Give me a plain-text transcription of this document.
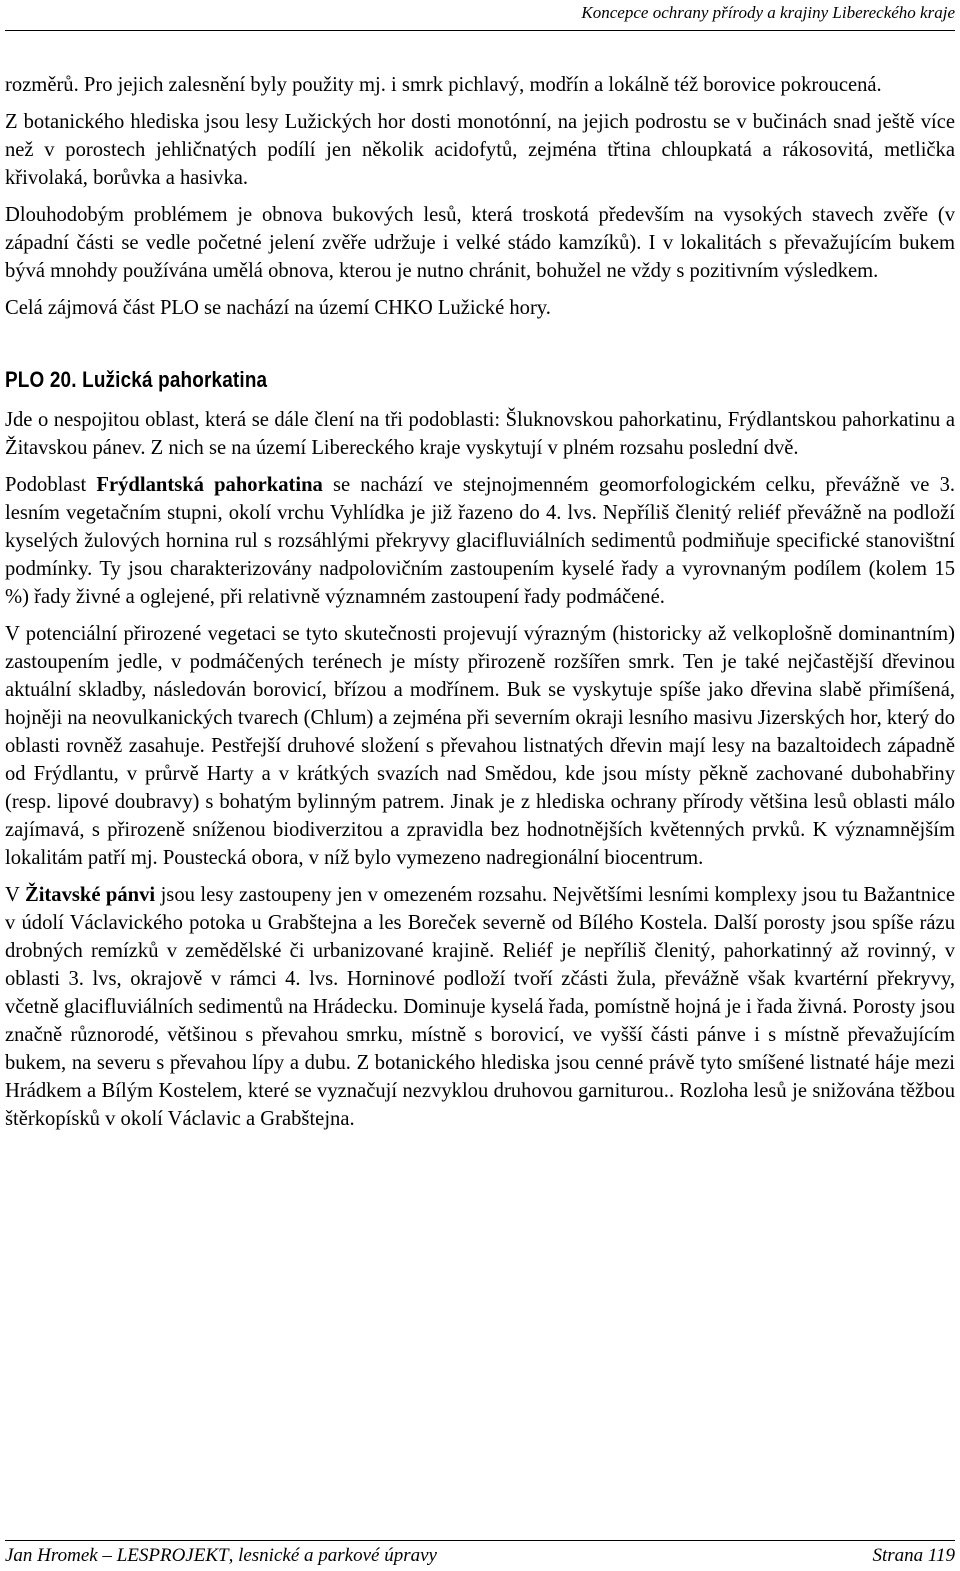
Koncepce ochrany přírody a krajiny Libereckého kraje

rozměrů. Pro jejich zalesnění byly použity mj. i smrk pichlavý, modřín a lokálně též borovice pokroucená.

Z botanického hlediska jsou lesy Lužických hor dosti monotónní, na jejich podrostu se v bučinách snad ještě více než v porostech jehličnatých podílí jen několik acidofytů, zejména třtina chloupkatá a rákosovitá, metlička křivolaká, borůvka a hasivka.

Dlouhodobým problémem je obnova bukových lesů, která troskotá především na vysokých stavech zvěře (v západní části se vedle početné jelení zvěře udržuje i velké stádo kamzíků). I v lokalitách s převažujícím bukem bývá mnohdy používána umělá obnova, kterou je nutno chránit, bohužel ne vždy s pozitivním výsledkem.

Celá zájmová část PLO se nachází na území CHKO Lužické hory.

PLO 20. Lužická pahorkatina

Jde o nespojitou oblast, která se dále člení na tři podoblasti: Šluknovskou pahorkatinu, Frýdlantskou pahorkatinu a Žitavskou pánev. Z nich se na území Libereckého kraje vyskytují v plném rozsahu poslední dvě.

Podoblast Frýdlantská pahorkatina se nachází ve stejnojmenném geomorfologickém celku, převážně ve 3. lesním vegetačním stupni, okolí vrchu Vyhlídka je již řazeno do 4. lvs. Nepříliš členitý reliéf převážně na podloží kyselých žulových hornina rul s rozsáhlými překryvy glacifluviálních sedimentů podmiňuje specifické stanovištní podmínky. Ty jsou charakterizovány nadpolovičním zastoupením kyselé řady a vyrovnaným podílem (kolem 15 %) řady živné a oglejené, při relativně významném zastoupení řady podmáčené.

V potenciální přirozené vegetaci se tyto skutečnosti projevují výrazným (historicky až velkoplošně dominantním) zastoupením jedle, v podmáčených terénech je místy přirozeně rozšířen smrk. Ten je také nejčastější dřevinou aktuální skladby, následován borovicí, břízou a modřínem. Buk se vyskytuje spíše jako dřevina slabě přimíšená, hojněji na neovulkanických tvarech (Chlum) a zejména při severním okraji lesního masivu Jizerských hor, který do oblasti rovněž zasahuje. Pestřejší druhové složení s převahou listnatých dřevin mají lesy na bazaltoidech západně od Frýdlantu, v průrvě Harty a v krátkých svazích nad Smědou, kde jsou místy pěkně zachované dubohabřiny (resp. lipové doubravy) s bohatým bylinným patrem. Jinak je z hlediska ochrany přírody většina lesů oblasti málo zajímavá, s přirozeně sníženou biodiverzitou a zpravidla bez hodnotnějších květenných prvků. K významnějším lokalitám patří mj. Poustecká obora, v níž bylo vymezeno nadregionální biocentrum.

V Žitavské pánvi jsou lesy zastoupeny jen v omezeném rozsahu. Největšími lesními komplexy jsou tu Bažantnice v údolí Václavického potoka u Grabštejna a les Boreček severně od Bílého Kostela. Další porosty jsou spíše rázu drobných remízků v zemědělské či urbanizované krajině. Reliéf je nepříliš členitý, pahorkatinný až rovinný, v oblasti 3. lvs, okrajově v rámci 4. lvs. Horninové podloží tvoří zčásti žula, převážně však kvartérní překryvy, včetně glacifluviálních sedimentů na Hrádecku. Dominuje kyselá řada, pomístně hojná je i řada živná. Porosty jsou značně různorodé, většinou s převahou smrku, místně s borovicí, ve vyšší části pánve i s místně převažujícím bukem, na severu s převahou lípy a dubu. Z botanického hlediska jsou cenné právě tyto smíšené listnaté háje mezi Hrádkem a Bílým Kostelem, které se vyznačují nezvyklou druhovou garniturou.. Rozloha lesů je snižována těžbou štěrkopísků v okolí Václavic a Grabštejna.

Jan Hromek – LESPROJEKT, lesnické a parkové úpravy	Strana 119
